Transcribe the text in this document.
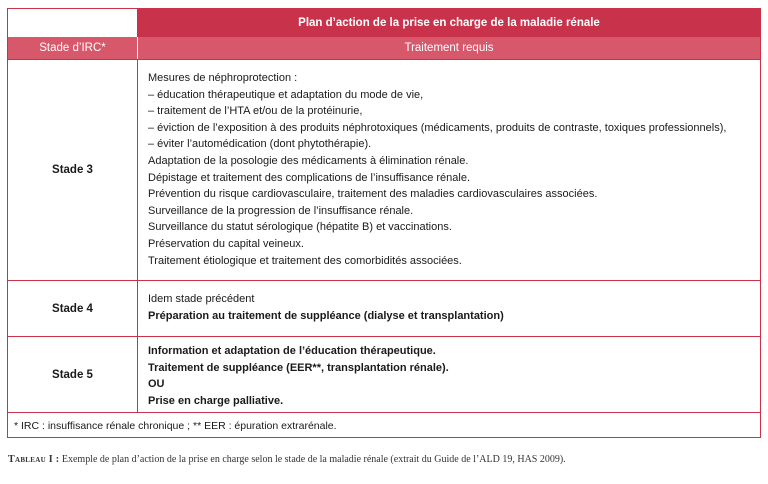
Plan d’action de la prise en charge de la maladie rénale
Stade d’IRC*	Traitement requis
Stade 3
Mesures de néphroprotection :
– éducation thérapeutique et adaptation du mode de vie,
– traitement de l’HTA et/ou de la protéinurie,
– éviction de l’exposition à des produits néphrotoxiques (médicaments, produits de contraste, toxiques professionnels),
– éviter l’automédication (dont phytothérapie).
Adaptation de la posologie des médicaments à élimination rénale.
Dépistage et traitement des complications de l’insuffisance rénale.
Prévention du risque cardiovasculaire, traitement des maladies cardiovasculaires associées.
Surveillance de la progression de l’insuffisance rénale.
Surveillance du statut sérologique (hépatite B) et vaccinations.
Préservation du capital veineux.
Traitement étiologique et traitement des comorbidités associées.
Stade 4
Idem stade précédent
Préparation au traitement de suppléance (dialyse et transplantation)
Stade 5
Information et adaptation de l’éducation thérapeutique.
Traitement de suppléance (EER**, transplantation rénale).
OU
Prise en charge palliative.
* IRC : insuffisance rénale chronique ; ** EER : épuration extrarénale.
Tableau I : Exemple de plan d’action de la prise en charge selon le stade de la maladie rénale (extrait du Guide de l’ALD 19, HAS 2009).
